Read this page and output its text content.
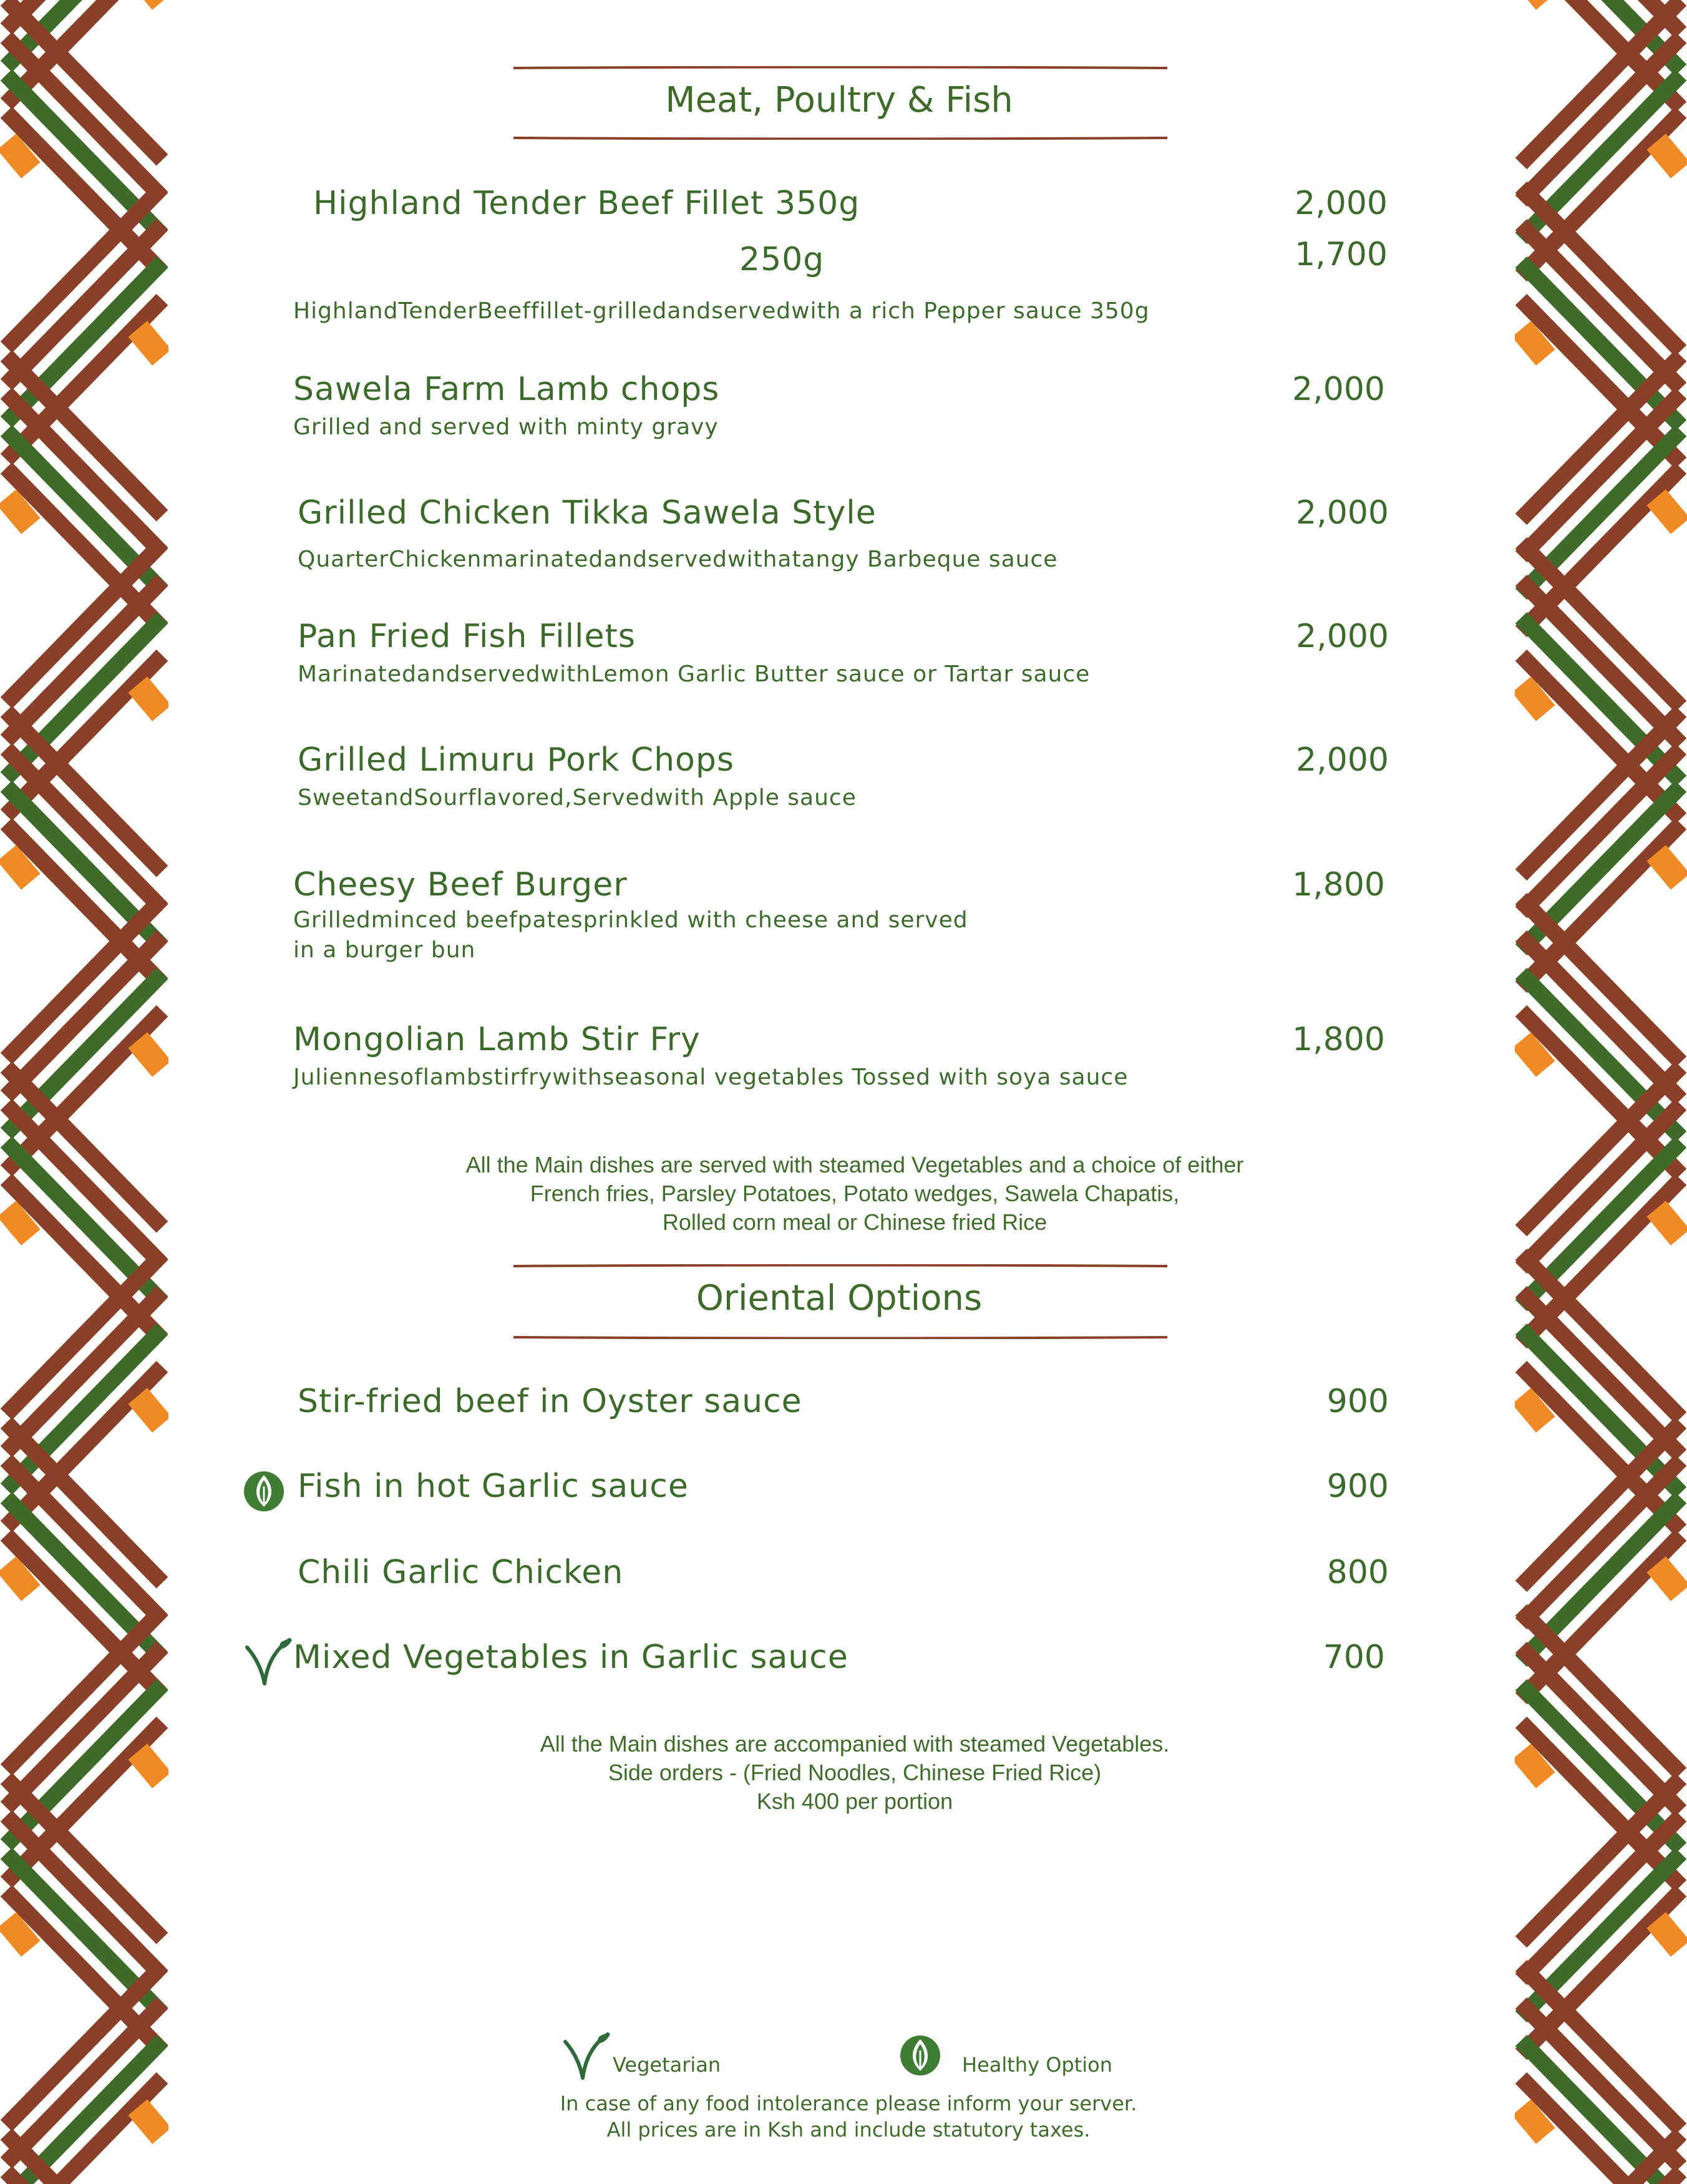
Meat, Poultry & Fish
Highland Tender Beef Fillet 350g	2,000
250g	1,700
HighlandTenderBeeffillet-grilledandservedwith a rich Pepper sauce 350g
Sawela Farm Lamb chops	2,000
Grilled and served with minty gravy
Grilled Chicken Tikka Sawela Style	2,000
QuarterChickenmarinatedandservedwithatangy Barbeque sauce
Pan Fried Fish Fillets	2,000
MarinatedandservedwithLemon Garlic Butter sauce or Tartar sauce
Grilled Limuru Pork Chops	2,000
SweetandSourflavored,Servedwith Apple sauce
Cheesy Beef Burger	1,800
Grilledminced beefpatesprinkled with cheese and served
in a burger bun
Mongolian Lamb Stir Fry	1,800
Juliennesoflambstirfrywithseasonal vegetables Tossed with soya sauce
All the Main dishes are served with steamed Vegetables and a choice of either
French fries, Parsley Potatoes, Potato wedges, Sawela Chapatis,
Rolled corn meal or Chinese fried Rice
Oriental Options
Stir-fried beef in Oyster sauce	900
Fish in hot Garlic sauce	900
Chili Garlic Chicken	800
Mixed Vegetables in Garlic sauce	700
All the Main dishes are accompanied with steamed Vegetables.
Side orders - (Fried Noodles, Chinese Fried Rice)
Ksh 400 per portion
Vegetarian	Healthy Option
In case of any food intolerance please inform your server.
All prices are in Ksh and include statutory taxes.
